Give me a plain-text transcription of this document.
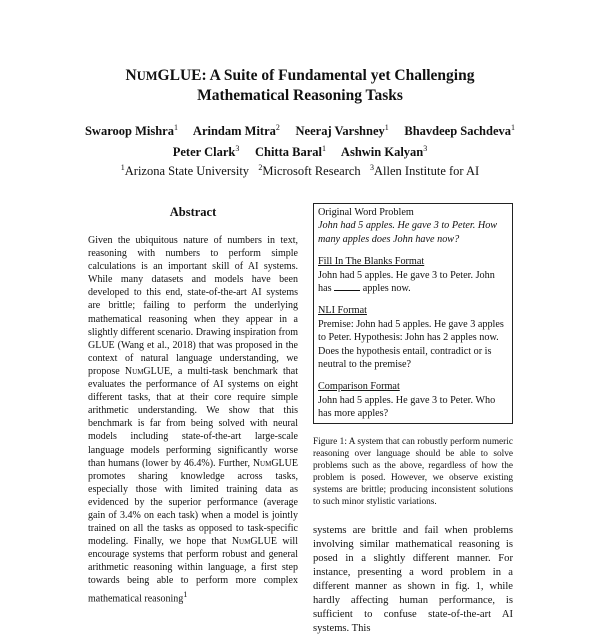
NUMGLUE: A Suite of Fundamental yet Challenging
Mathematical Reasoning Tasks
Swaroop Mishra$^1$ Arindam Mitra$^2$ Neeraj Varshney$^1$ Bhavdeep Sachdeva$^1$
Peter Clark$^3$ Chitta Baral$^1$ Ashwin Kalyan$^3$
$^1$Arizona State University $^2$Microsoft Research $^3$Allen Institute for AI
Abstract

Given the ubiquitous nature of numbers in text, reasoning with numbers to perform simple calculations is an important skill of AI systems. While many datasets and models have been developed to this end, state-of-the-art AI systems are brittle; failing to perform the underlying mathematical reasoning when they appear in a slightly different scenario. Drawing inspiration from GLUE (Wang et al., 2018) that was proposed in the context of natural language understanding, we propose NumGLUE, a multi-task benchmark that evaluates the performance of AI systems on eight different tasks, that at their core require simple arithmetic understanding. We show that this benchmark is far from being solved with neural models including state-of-the-art large-scale language models performing significantly worse than humans (lower by 46.4%). Further, NumGLUE promotes sharing knowledge across tasks, especially those with limited training data as evidenced by the superior performance (average gain of 3.4% on each task) when a model is jointly trained on all the tasks as opposed to task-specific modeling. Finally, we hope that NumGLUE will encourage systems that perform robust and general arithmetic reasoning within language, a first step towards being able to perform more complex mathematical reasoning$^1$

Original Word Problem
John had 5 apples. He gave 3 to Peter. How many apples does John have now?
Fill In The Blanks Format
John had 5 apples. He gave 3 to Peter. John has	apples now.
NLI Format
Premise: John had 5 apples. He gave 3 apples to Peter. Hypothesis: John has 2 apples now. Does the hypothesis entail, contradict or is neutral to the premise?
Comparison Format
John had 5 apples. He gave 3 to Peter. Who has more apples?
Figure 1: A system that can robustly perform numeric reasoning over language should be able to solve problems such as the above, regardless of how the problem is posed. However, we observe existing systems are brittle; producing inconsistent solutions to such minor stylistic variations.
systems are brittle and fail when problems involving similar mathematical reasoning is posed in a slightly different manner. For instance, presenting a word problem in a different manner as shown in fig. 1, while hardly affecting human performance, is sufficient to confuse state-of-the-art AI systems. This
